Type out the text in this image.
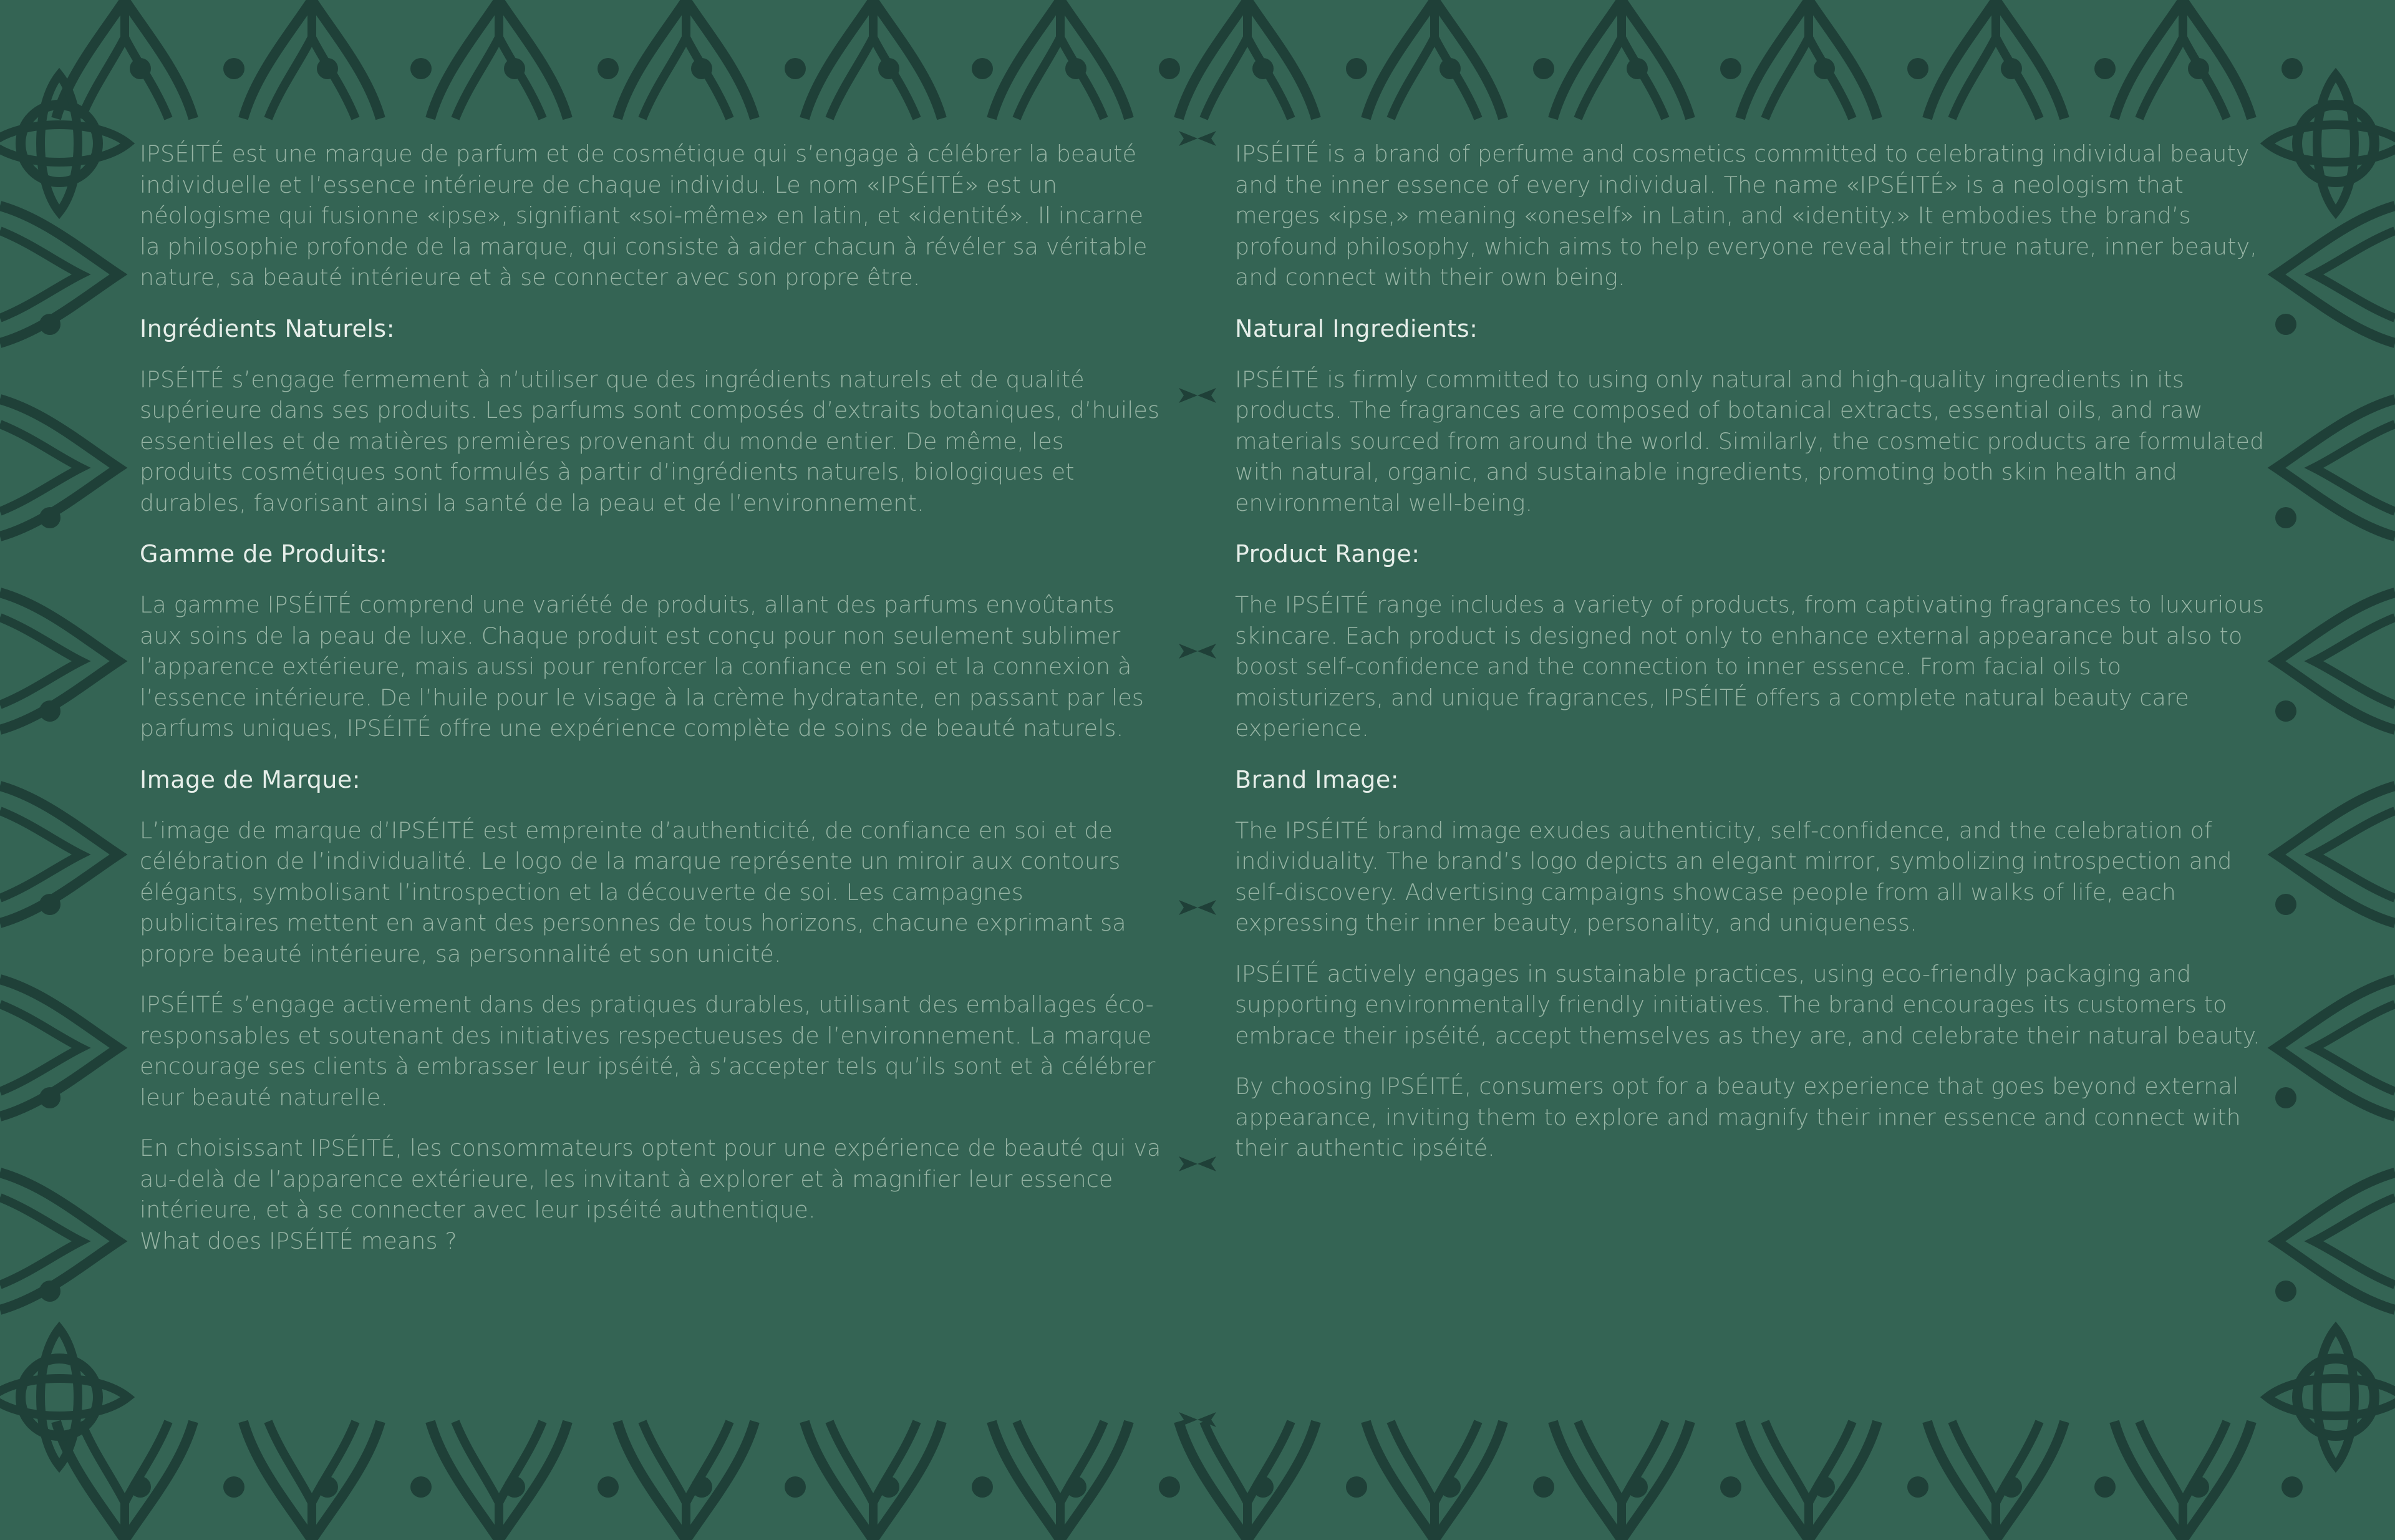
IPSÉITÉ est une marque de parfum et de cosmétique qui s’engage à célébrer la beauté individuelle et l’essence intérieure de chaque individu. Le nom «IPSÉITÉ» est un néologisme qui fusionne «ipse», signifiant «soi-même» en latin, et «identité». Il incarne la philosophie profonde de la marque, qui consiste à aider chacun à révéler sa véritable nature, sa beauté intérieure et à se connecter avec son propre être.

Ingrédients Naturels:

IPSÉITÉ s’engage fermement à n’utiliser que des ingrédients naturels et de qualité supérieure dans ses produits. Les parfums sont composés d’extraits botaniques, d’huiles essentielles et de matières premières provenant du monde entier. De même, les produits cosmétiques sont formulés à partir d’ingrédients naturels, biologiques et durables, favorisant ainsi la santé de la peau et de l’environnement.

Gamme de Produits:

La gamme IPSÉITÉ comprend une variété de produits, allant des parfums envoûtants aux soins de la peau de luxe. Chaque produit est conçu pour non seulement sublimer l’apparence extérieure, mais aussi pour renforcer la confiance en soi et la connexion à l’essence intérieure. De l’huile pour le visage à la crème hydratante, en passant par les parfums uniques, IPSÉITÉ offre une expérience complète de soins de beauté naturels.

Image de Marque:

L’image de marque d’IPSÉITÉ est empreinte d’authenticité, de confiance en soi et de célébration de l’individualité. Le logo de la marque représente un miroir aux contours élégants, symbolisant l’introspection et la découverte de soi. Les campagnes publicitaires mettent en avant des personnes de tous horizons, chacune exprimant sa propre beauté intérieure, sa personnalité et son unicité.

IPSÉITÉ s’engage activement dans des pratiques durables, utilisant des emballages éco-responsables et soutenant des initiatives respectueuses de l’environnement. La marque encourage ses clients à embrasser leur ipséité, à s’accepter tels qu’ils sont et à célébrer leur beauté naturelle.

En choisissant IPSÉITÉ, les consommateurs optent pour une expérience de beauté qui va au-delà de l’apparence extérieure, les invitant à explorer et à magnifier leur essence intérieure, et à se connecter avec leur ipséité authentique.

What does IPSÉITÉ means ?

IPSÉITÉ is a brand of perfume and cosmetics committed to celebrating individual beauty and the inner essence of every individual. The name «IPSÉITÉ» is a neologism that merges «ipse,» meaning «oneself» in Latin, and «identity.» It embodies the brand’s profound philosophy, which aims to help everyone reveal their true nature, inner beauty, and connect with their own being.

Natural Ingredients:

IPSÉITÉ is firmly committed to using only natural and high-quality ingredients in its products. The fragrances are composed of botanical extracts, essential oils, and raw materials sourced from around the world. Similarly, the cosmetic products are formulated with natural, organic, and sustainable ingredients, promoting both skin health and environmental well-being.

Product Range:

The IPSÉITÉ range includes a variety of products, from captivating fragrances to luxurious skincare. Each product is designed not only to enhance external appearance but also to boost self-confidence and the connection to inner essence. From facial oils to moisturizers, and unique fragrances, IPSÉITÉ offers a complete natural beauty care experience.

Brand Image:

The IPSÉITÉ brand image exudes authenticity, self-confidence, and the celebration of individuality. The brand’s logo depicts an elegant mirror, symbolizing introspection and self-discovery. Advertising campaigns showcase people from all walks of life, each expressing their inner beauty, personality, and uniqueness.

IPSÉITÉ actively engages in sustainable practices, using eco-friendly packaging and supporting environmentally friendly initiatives. The brand encourages its customers to embrace their ipséité, accept themselves as they are, and celebrate their natural beauty.

By choosing IPSÉITÉ, consumers opt for a beauty experience that goes beyond external appearance, inviting them to explore and magnify their inner essence and connect with their authentic ipséité.
